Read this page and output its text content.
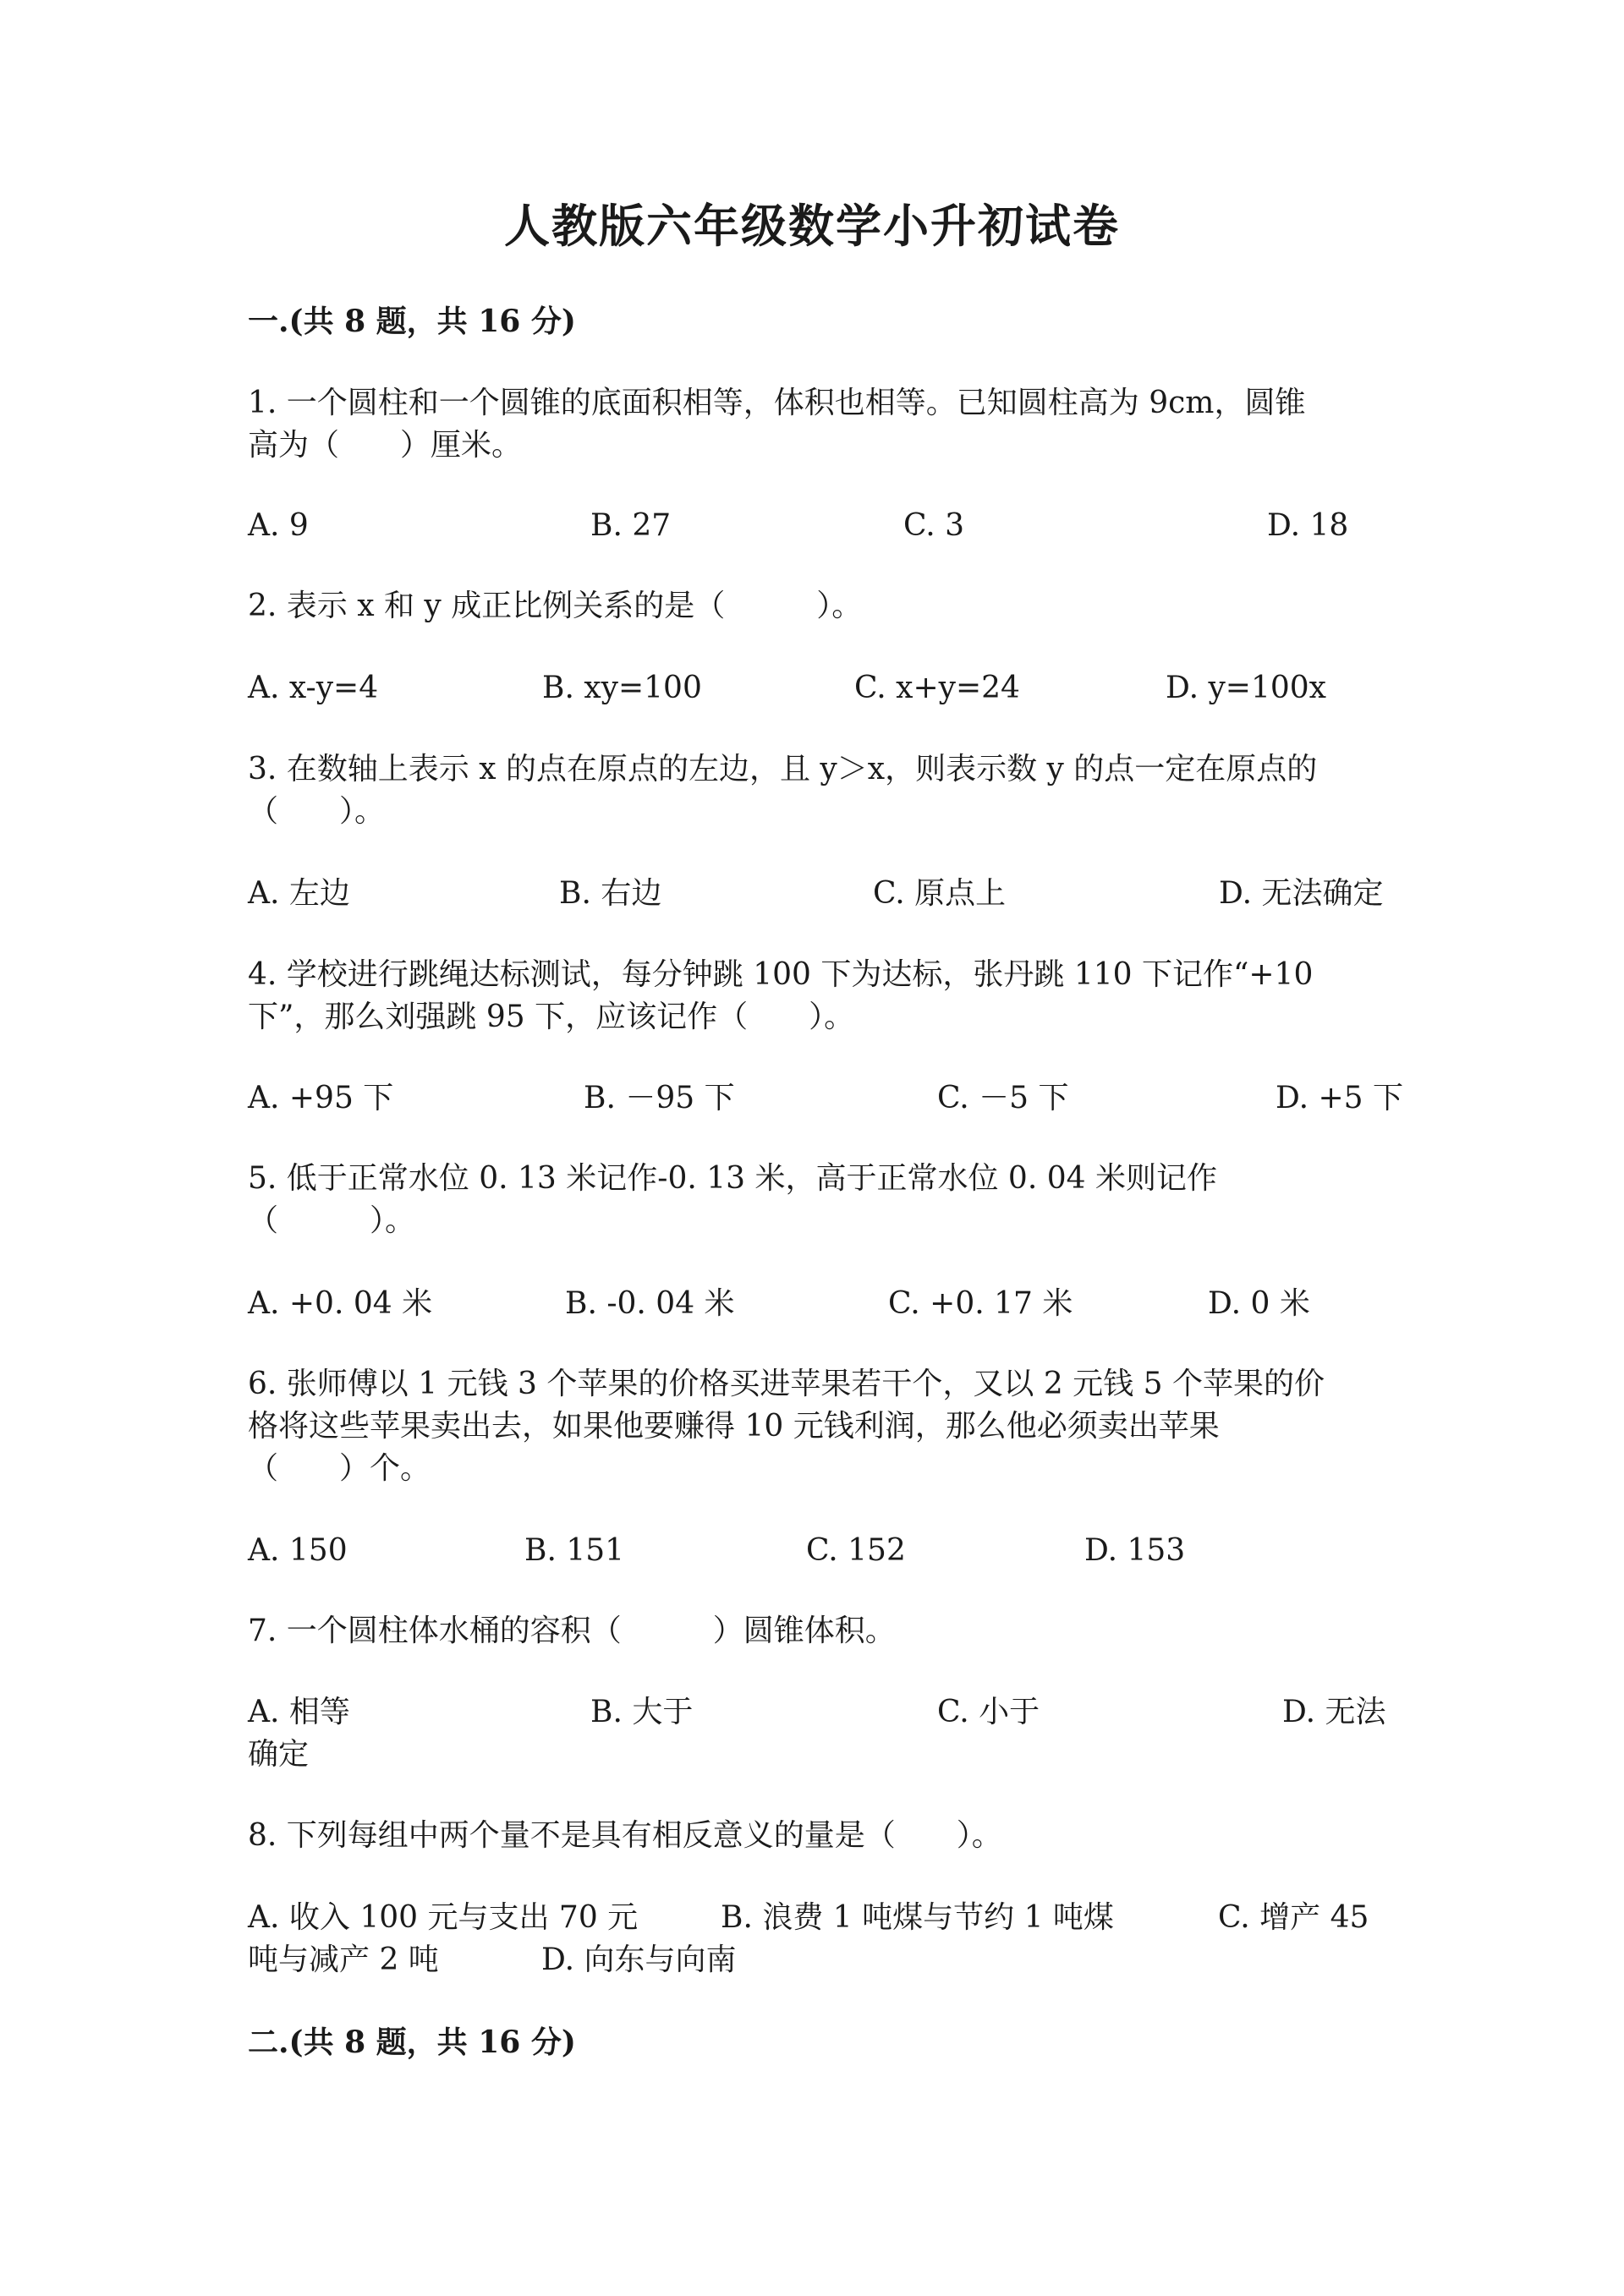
人教版六年级数学小升初试卷
一.(共 8 题，共 16 分)
1. 一个圆柱和一个圆锥的底面积相等，体积也相等。已知圆柱高为 9cm，圆锥
高为（　　）厘米。
A. 9	B. 27	C. 3	D. 18
2. 表示 x 和 y 成正比例关系的是（　　　）。
A. x-y=4	B. xy=100	C. x+y=24	D. y=100x
3. 在数轴上表示 x 的点在原点的左边，且 y＞x，则表示数 y 的点一定在原点的
（　　）。
A. 左边	B. 右边	C. 原点上	D. 无法确定
4. 学校进行跳绳达标测试，每分钟跳 100 下为达标，张丹跳 110 下记作“+10
下”，那么刘强跳 95 下，应该记作（　　）。
A. +95 下	B. －95 下	C. －5 下	D. +5 下
5. 低于正常水位 0. 13 米记作-0. 13 米，高于正常水位 0. 04 米则记作
（　　　）。
A. +0. 04 米	B. -0. 04 米	C. +0. 17 米	D. 0 米
6. 张师傅以 1 元钱 3 个苹果的价格买进苹果若干个，又以 2 元钱 5 个苹果的价
格将这些苹果卖出去，如果他要赚得 10 元钱利润，那么他必须卖出苹果
（　　）个。
A. 150	B. 151	C. 152	D. 153
7. 一个圆柱体水桶的容积（　　　）圆锥体积。
A. 相等	B. 大于	C. 小于	D. 无法
确定
8. 下列每组中两个量不是具有相反意义的量是（　　）。
A. 收入 100 元与支出 70 元	B. 浪费 1 吨煤与节约 1 吨煤	C. 增产 45
吨与减产 2 吨	D. 向东与向南
二.(共 8 题，共 16 分)
